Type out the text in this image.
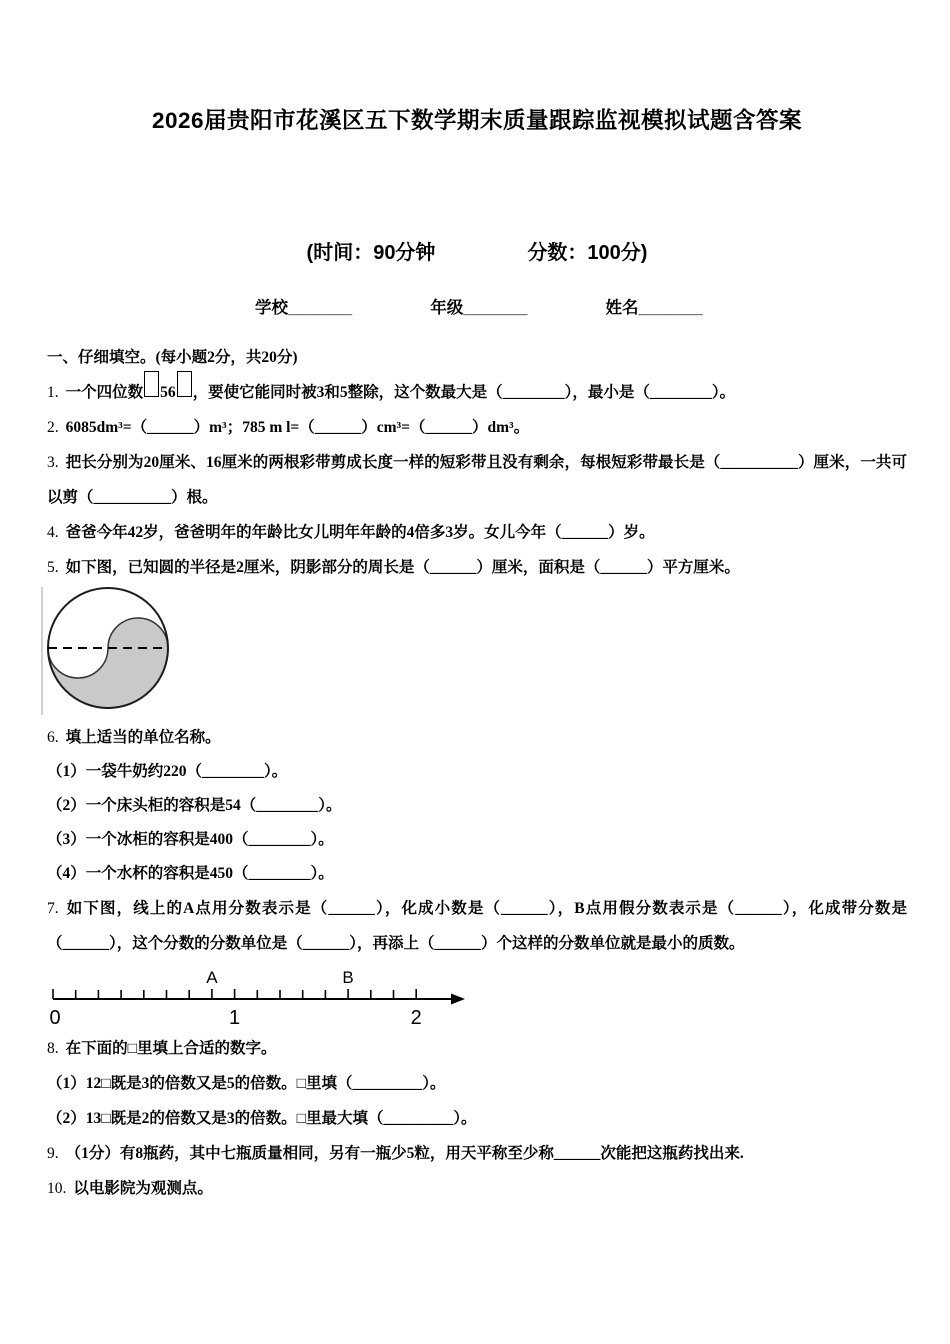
2026届贵阳市花溪区五下数学期末质量跟踪监视模拟试题含答案
(时间：90分钟	分数：100分)
学校_______	年级_______	姓名_______
一、仔细填空。(每小题2分，共20分)

1. 一个四位数 56 ，要使它能同时被3和5整除，这个数最大是（________），最小是（________）。

2. 6085dm³=（______）m³；785 m l=（______）cm³=（______）dm³。

3. 把长分别为20厘米、16厘米的两根彩带剪成长度一样的短彩带且没有剩余，每根短彩带最长是（__________）厘米，一共可以剪（__________）根。

4. 爸爸今年42岁，爸爸明年的年龄比女儿明年年龄的4倍多3岁。女儿今年（______）岁。

5. 如下图，已知圆的半径是2厘米，阴影部分的周长是（______）厘米，面积是（______）平方厘米。

6. 填上适当的单位名称。

（1）一袋牛奶约220（________）。

（2）一个床头柜的容积是54（________）。

（3）一个冰柜的容积是400（________）。

（4）一个水杯的容积是450（________）。

7. 如下图，线上的A点用分数表示是（______），化成小数是（______），B点用假分数表示是（______），化成带分数是（______），这个分数的分数单位是（______），再添上（______）个这样的分数单位就是最小的质数。

A	B
0	1	2

8. 在下面的□里填上合适的数字。

（1）12□既是3的倍数又是5的倍数。□里填（_________）。

（2）13□既是2的倍数又是3的倍数。□里最大填（_________）。

9. （1分）有8瓶药，其中七瓶质量相同，另有一瓶少5粒，用天平称至少称______次能把这瓶药找出来.

10. 以电影院为观测点。
